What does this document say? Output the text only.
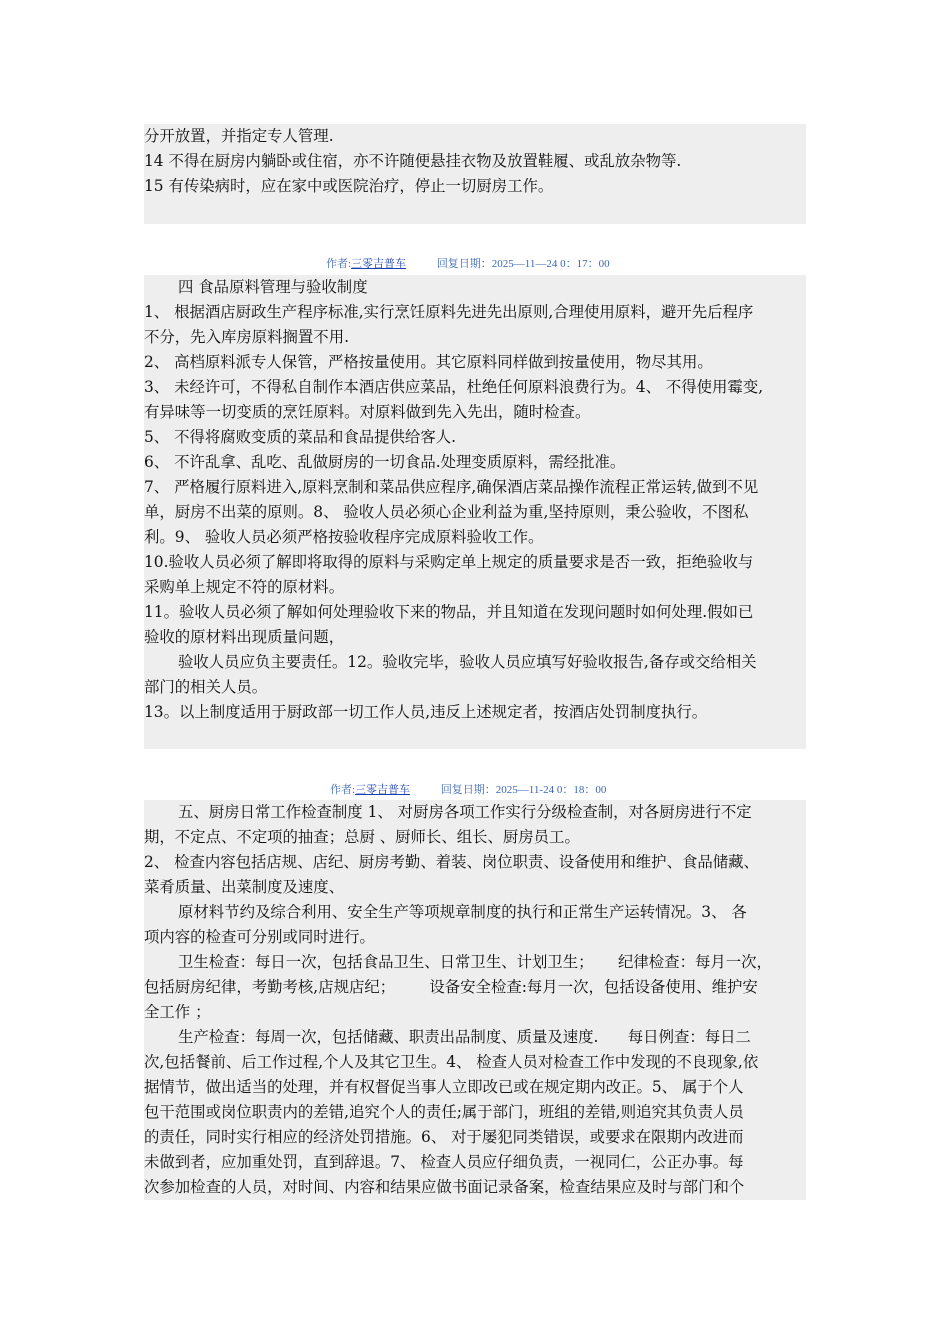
分开放置，并指定专人管理.

14 不得在厨房内躺卧或住宿，亦不许随便悬挂衣物及放置鞋履、或乱放杂物等.

15 有传染病时，应在家中或医院治疗，停止一切厨房工作。

作者:三零吉普车	回复日期：2025—11—24 0：17：00

四 食品原料管理与验收制度

1、 根据酒店厨政生产程序标准,实行烹饪原料先进先出原则,合理使用原料，避开先后程序

不分，先入库房原料搁置不用.

2、 高档原料派专人保管，严格按量使用。其它原料同样做到按量使用，物尽其用。

3、 未经许可，不得私自制作本酒店供应菜品，杜绝任何原料浪费行为。4、 不得使用霉变,

有异味等一切变质的烹饪原料。对原料做到先入先出，随时检查。

5、 不得将腐败变质的菜品和食品提供给客人.

6、 不许乱拿、乱吃、乱做厨房的一切食品.处理变质原料，需经批准。

7、 严格履行原料进入,原料烹制和菜品供应程序,确保酒店菜品操作流程正常运转,做到不见

单，厨房不出菜的原则。8、 验收人员必须心企业利益为重,坚持原则，秉公验收，不图私

利。9、 验收人员必须严格按验收程序完成原料验收工作。

10.验收人员必须了解即将取得的原料与采购定单上规定的质量要求是否一致，拒绝验收与

采购单上规定不符的原材料。

11。验收人员必须了解如何处理验收下来的物品，并且知道在发现问题时如何处理.假如已

验收的原材料出现质量问题，

验收人员应负主要责任。12。验收完毕，验收人员应填写好验收报告,备存或交给相关

部门的相关人员。

13。以上制度适用于厨政部一切工作人员,违反上述规定者，按酒店处罚制度执行。

作者:三零吉普车	回复日期：2025—11-24 0：18：00

五、厨房日常工作检查制度 1、 对厨房各项工作实行分级检查制，对各厨房进行不定

期，不定点、不定项的抽查；总厨 、厨师长、组长、厨房员工。

2、 检查内容包括店规、店纪、厨房考勤、着装、岗位职责、设备使用和维护、食品储藏、

菜肴质量、出菜制度及速度、

原材料节约及综合利用、安全生产等项规章制度的执行和正常生产运转情况。3、 各

项内容的检查可分别或同时进行。

卫生检查：每日一次，包括食品卫生、日常卫生、计划卫生；     纪律检查：每月一次，

包括厨房纪律，考勤考核,店规店纪；       设备安全检查:每月一次，包括设备使用、维护安

全工作 ；

生产检查：每周一次，包括储藏、职责出品制度、质量及速度.      每日例查：每日二

次,包括餐前、后工作过程,个人及其它卫生。4、 检查人员对检查工作中发现的不良现象,依

据情节，做出适当的处理，并有权督促当事人立即改已或在规定期内改正。5、 属于个人

包干范围或岗位职责内的差错,追究个人的责任;属于部门，班组的差错,则追究其负责人员

的责任，同时实行相应的经济处罚措施。6、 对于屡犯同类错误，或要求在限期内改进而

未做到者，应加重处罚，直到辞退。7、 检查人员应仔细负责，一视同仁，公正办事。每

次参加检查的人员，对时间、内容和结果应做书面记录备案，检查结果应及时与部门和个
